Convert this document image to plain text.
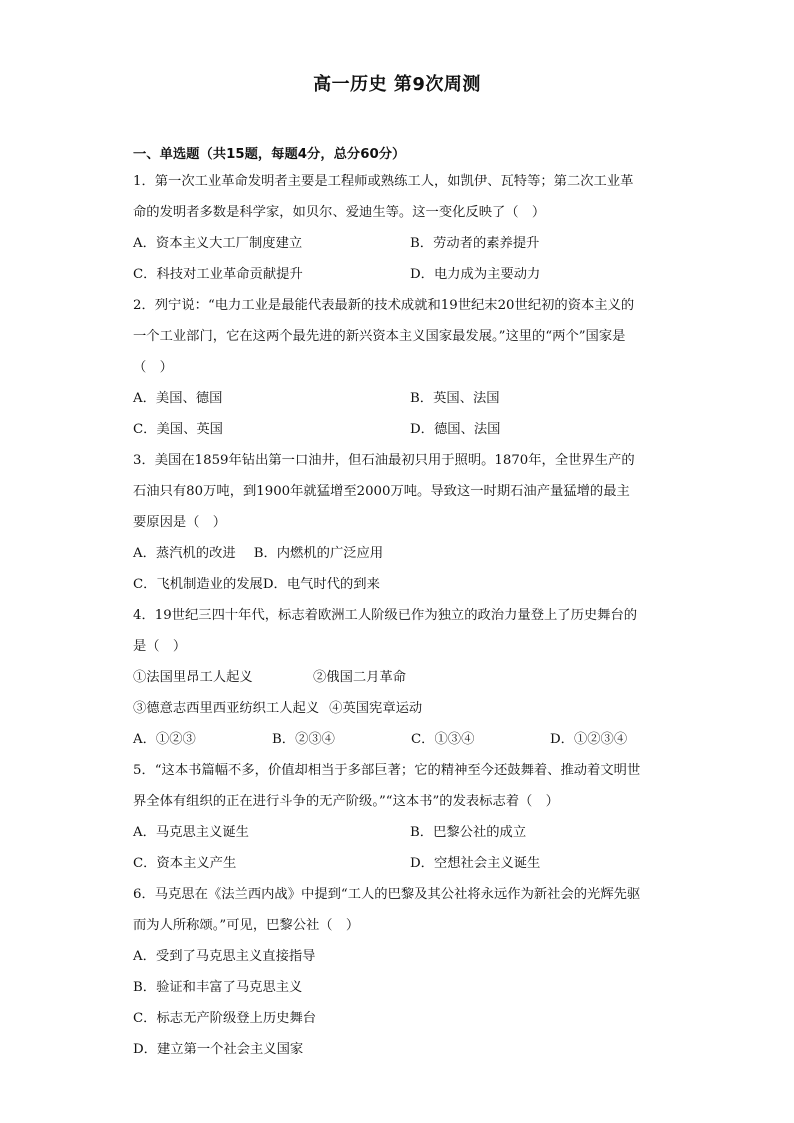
高一历史 第9次周测
一、单选题（共15题，每题4分，总分60分）
1．第一次工业革命发明者主要是工程师或熟练工人，如凯伊、瓦特等；第二次工业革
命的发明者多数是科学家，如贝尔、爱迪生等。这一变化反映了（　）
A．资本主义大工厂制度建立	B．劳动者的素养提升
C．科技对工业革命贡献提升	D．电力成为主要动力
2．列宁说：“电力工业是最能代表最新的技术成就和19世纪末20世纪初的资本主义的
一个工业部门，它在这两个最先进的新兴资本主义国家最发展。”这里的“两个”国家是
（　）
A．美国、德国	B．英国、法国
C．美国、英国	D．德国、法国
3．美国在1859年钻出第一口油井，但石油最初只用于照明。1870年，全世界生产的
石油只有80万吨，到1900年就猛增至2000万吨。导致这一时期石油产量猛增的最主
要原因是（　）
A．蒸汽机的改进 B．内燃机的广泛应用
C．飞机制造业的发展D．电气时代的到来
4．19世纪三四十年代，标志着欧洲工人阶级已作为独立的政治力量登上了历史舞台的
是（　）
①法国里昂工人起义	②俄国二月革命
③德意志西里西亚纺织工人起义 ④英国宪章运动
A．①②③	B．②③④	C．①③④	D．①②③④
5．“这本书篇幅不多，价值却相当于多部巨著；它的精神至今还鼓舞着、推动着文明世
界全体有组织的正在进行斗争的无产阶级。”“这本书”的发表标志着（　）
A．马克思主义诞生	B．巴黎公社的成立
C．资本主义产生	D．空想社会主义诞生
6．马克思在《法兰西内战》中提到“工人的巴黎及其公社将永远作为新社会的光辉先驱
而为人所称颂。”可见，巴黎公社（　）
A．受到了马克思主义直接指导
B．验证和丰富了马克思主义
C．标志无产阶级登上历史舞台
D．建立第一个社会主义国家
